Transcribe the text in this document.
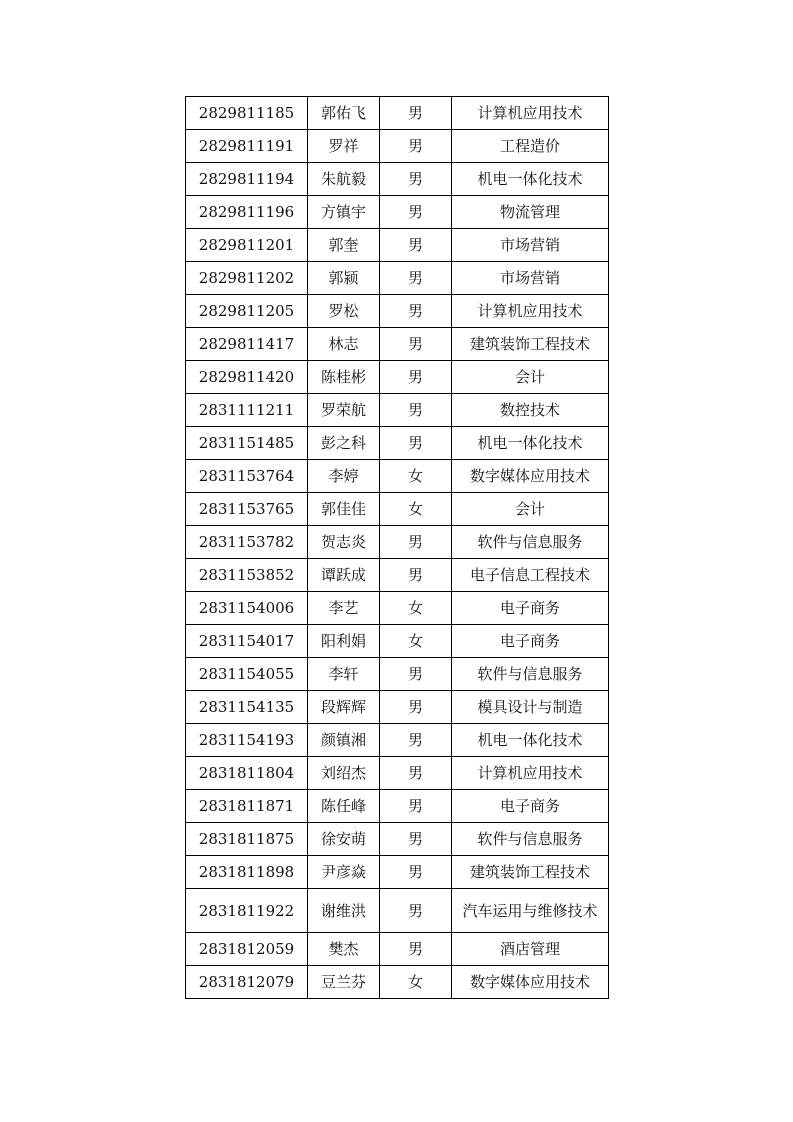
2829811185	郭佑飞	男	计算机应用技术
2829811191	罗祥	男	工程造价
2829811194	朱航毅	男	机电一体化技术
2829811196	方镇宇	男	物流管理
2829811201	郭奎	男	市场营销
2829811202	郭颍	男	市场营销
2829811205	罗松	男	计算机应用技术
2829811417	林志	男	建筑装饰工程技术
2829811420	陈桂彬	男	会计
2831111211	罗荣航	男	数控技术
2831151485	彭之科	男	机电一体化技术
2831153764	李婷	女	数字媒体应用技术
2831153765	郭佳佳	女	会计
2831153782	贺志炎	男	软件与信息服务
2831153852	谭跃成	男	电子信息工程技术
2831154006	李艺	女	电子商务
2831154017	阳利娟	女	电子商务
2831154055	李轩	男	软件与信息服务
2831154135	段辉辉	男	模具设计与制造
2831154193	颜镇湘	男	机电一体化技术
2831811804	刘绍杰	男	计算机应用技术
2831811871	陈任峰	男	电子商务
2831811875	徐安萌	男	软件与信息服务
2831811898	尹彦焱	男	建筑装饰工程技术
2831811922	谢维洪	男	汽车运用与维修技术
2831812059	樊杰	男	酒店管理
2831812079	豆兰芬	女	数字媒体应用技术
